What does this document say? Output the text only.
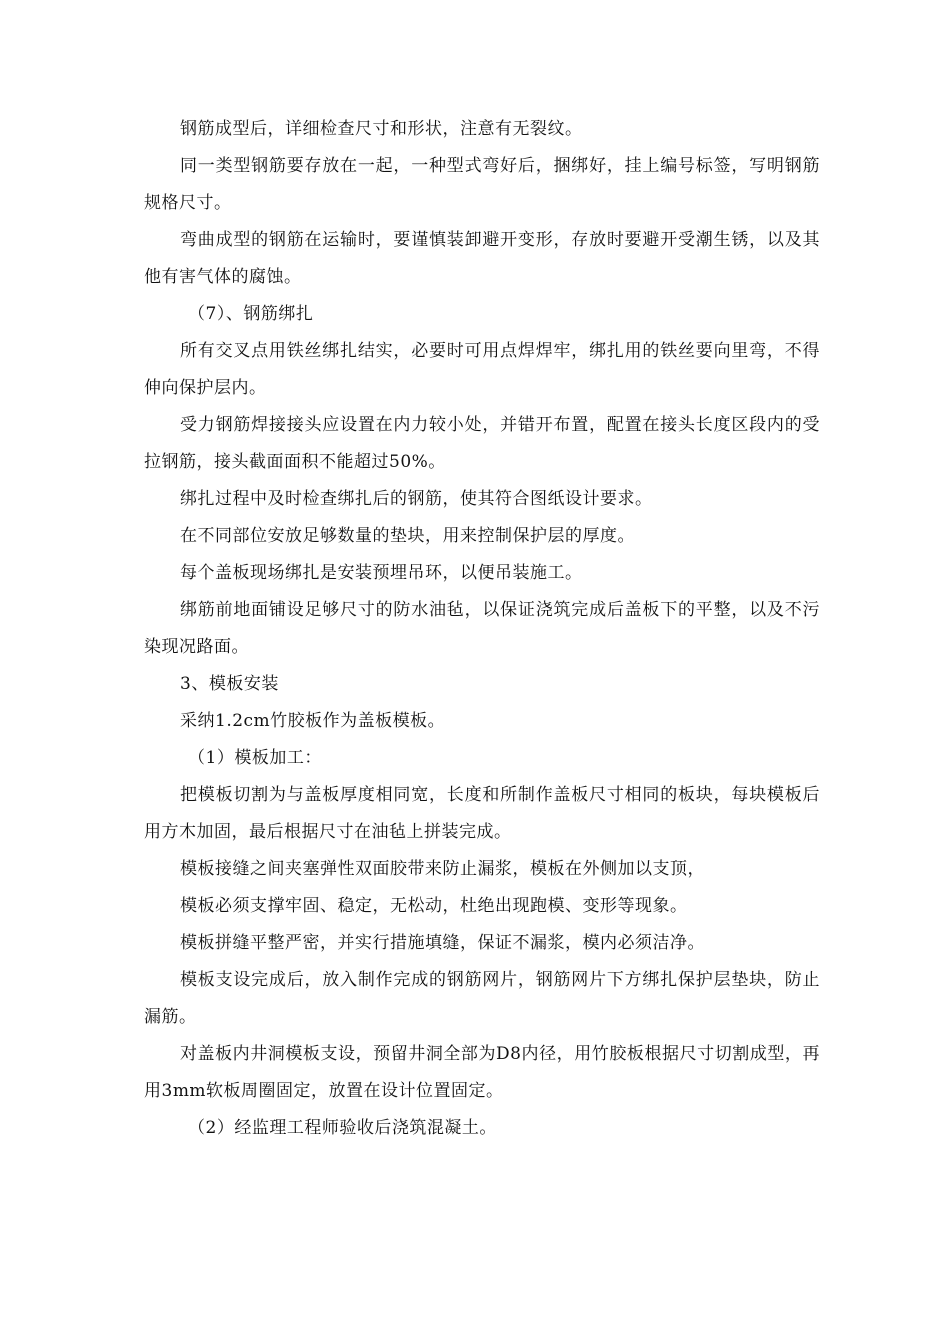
钢筋成型后，详细检查尺寸和形状，注意有无裂纹。

同一类型钢筋要存放在一起，一种型式弯好后，捆绑好，挂上编号标签，写明钢筋规格尺寸。

弯曲成型的钢筋在运输时，要谨慎装卸避开变形，存放时要避开受潮生锈，以及其他有害气体的腐蚀。

（7）、钢筋绑扎

所有交叉点用铁丝绑扎结实，必要时可用点焊焊牢，绑扎用的铁丝要向里弯，不得伸向保护层内。

受力钢筋焊接接头应设置在内力较小处，并错开布置，配置在接头长度区段内的受拉钢筋，接头截面面积不能超过50%。

绑扎过程中及时检查绑扎后的钢筋，使其符合图纸设计要求。

在不同部位安放足够数量的垫块，用来控制保护层的厚度。

每个盖板现场绑扎是安装预埋吊环，以便吊装施工。

绑筋前地面铺设足够尺寸的防水油毡，以保证浇筑完成后盖板下的平整，以及不污染现况路面。

3、模板安装

采纳1.2cm竹胶板作为盖板模板。

（1）模板加工：

把模板切割为与盖板厚度相同宽，长度和所制作盖板尺寸相同的板块，每块模板后用方木加固，最后根据尺寸在油毡上拼装完成。

模板接缝之间夹塞弹性双面胶带来防止漏浆，模板在外侧加以支顶，

模板必须支撑牢固、稳定，无松动，杜绝出现跑模、变形等现象。

模板拼缝平整严密，并实行措施填缝，保证不漏浆，模内必须洁净。

模板支设完成后，放入制作完成的钢筋网片，钢筋网片下方绑扎保护层垫块，防止漏筋。

对盖板内井洞模板支设，预留井洞全部为D8内径，用竹胶板根据尺寸切割成型，再用3mm软板周圈固定，放置在设计位置固定。

（2）经监理工程师验收后浇筑混凝土。
